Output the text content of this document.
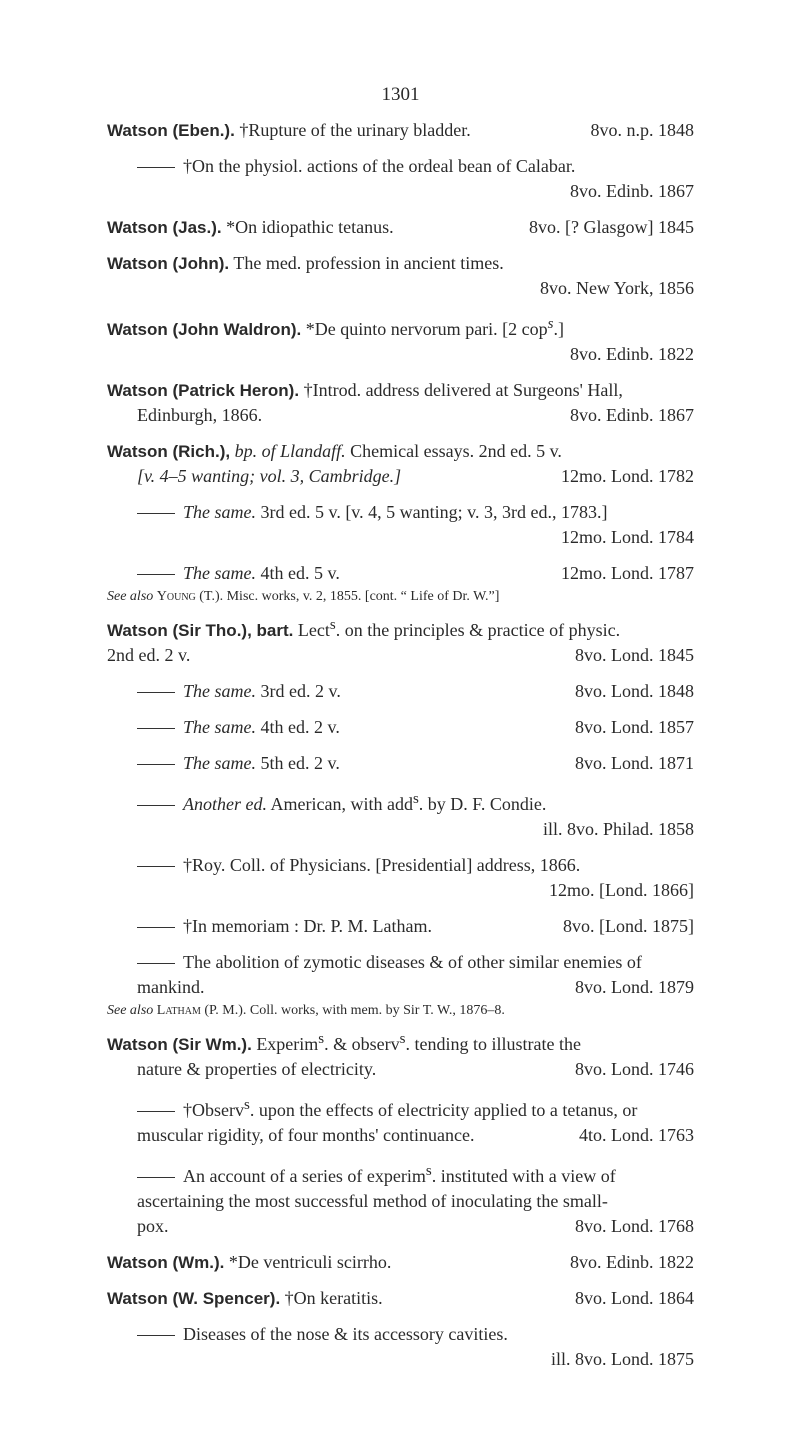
1301
Watson (Eben.). †Rupture of the urinary bladder.	8vo. n.p. 1848
†On the physiol. actions of the ordeal bean of Calabar.
8vo. Edinb. 1867
Watson (Jas.). *On idiopathic tetanus.	8vo. [? Glasgow] 1845
Watson (John). The med. profession in ancient times.
8vo. New York, 1856
Watson (John Waldron). *De quinto nervorum pari. [2 cop$^s$.]
8vo. Edinb. 1822
Watson (Patrick Heron). †Introd. address delivered at Surgeons' Hall,
Edinburgh, 1866.	8vo. Edinb. 1867
Watson (Rich.), bp. of Llandaff. Chemical essays. 2nd ed. 5 v.
[v. 4–5 wanting; vol. 3, Cambridge.]	12mo. Lond. 1782
The same. 3rd ed. 5 v. [v. 4, 5 wanting; v. 3, 3rd ed., 1783.]
12mo. Lond. 1784
The same. 4th ed. 5 v.	12mo. Lond. 1787
See also Young (T.). Misc. works, v. 2, 1855. [cont. “ Life of Dr. W.”]
Watson (Sir Tho.), bart. Lect$^s$. on the principles & practice of physic.
2nd ed. 2 v.	8vo. Lond. 1845
The same. 3rd ed. 2 v.	8vo. Lond. 1848
The same. 4th ed. 2 v.	8vo. Lond. 1857
The same. 5th ed. 2 v.	8vo. Lond. 1871
Another ed. American, with add$^s$. by D. F. Condie.
ill. 8vo. Philad. 1858
†Roy. Coll. of Physicians. [Presidential] address, 1866.
12mo. [Lond. 1866]
†In memoriam : Dr. P. M. Latham.	8vo. [Lond. 1875]
The abolition of zymotic diseases & of other similar enemies of
mankind.	8vo. Lond. 1879
See also Latham (P. M.). Coll. works, with mem. by Sir T. W., 1876–8.
Watson (Sir Wm.). Experim$^s$. & observ$^s$. tending to illustrate the
nature & properties of electricity.	8vo. Lond. 1746
†Observ$^s$. upon the effects of electricity applied to a tetanus, or
muscular rigidity, of four months' continuance.	4to. Lond. 1763
An account of a series of experim$^s$. instituted with a view of
ascertaining the most successful method of inoculating the small-
pox.	8vo. Lond. 1768
Watson (Wm.). *De ventriculi scirrho.	8vo. Edinb. 1822
Watson (W. Spencer). †On keratitis.	8vo. Lond. 1864
Diseases of the nose & its accessory cavities.
ill. 8vo. Lond. 1875
